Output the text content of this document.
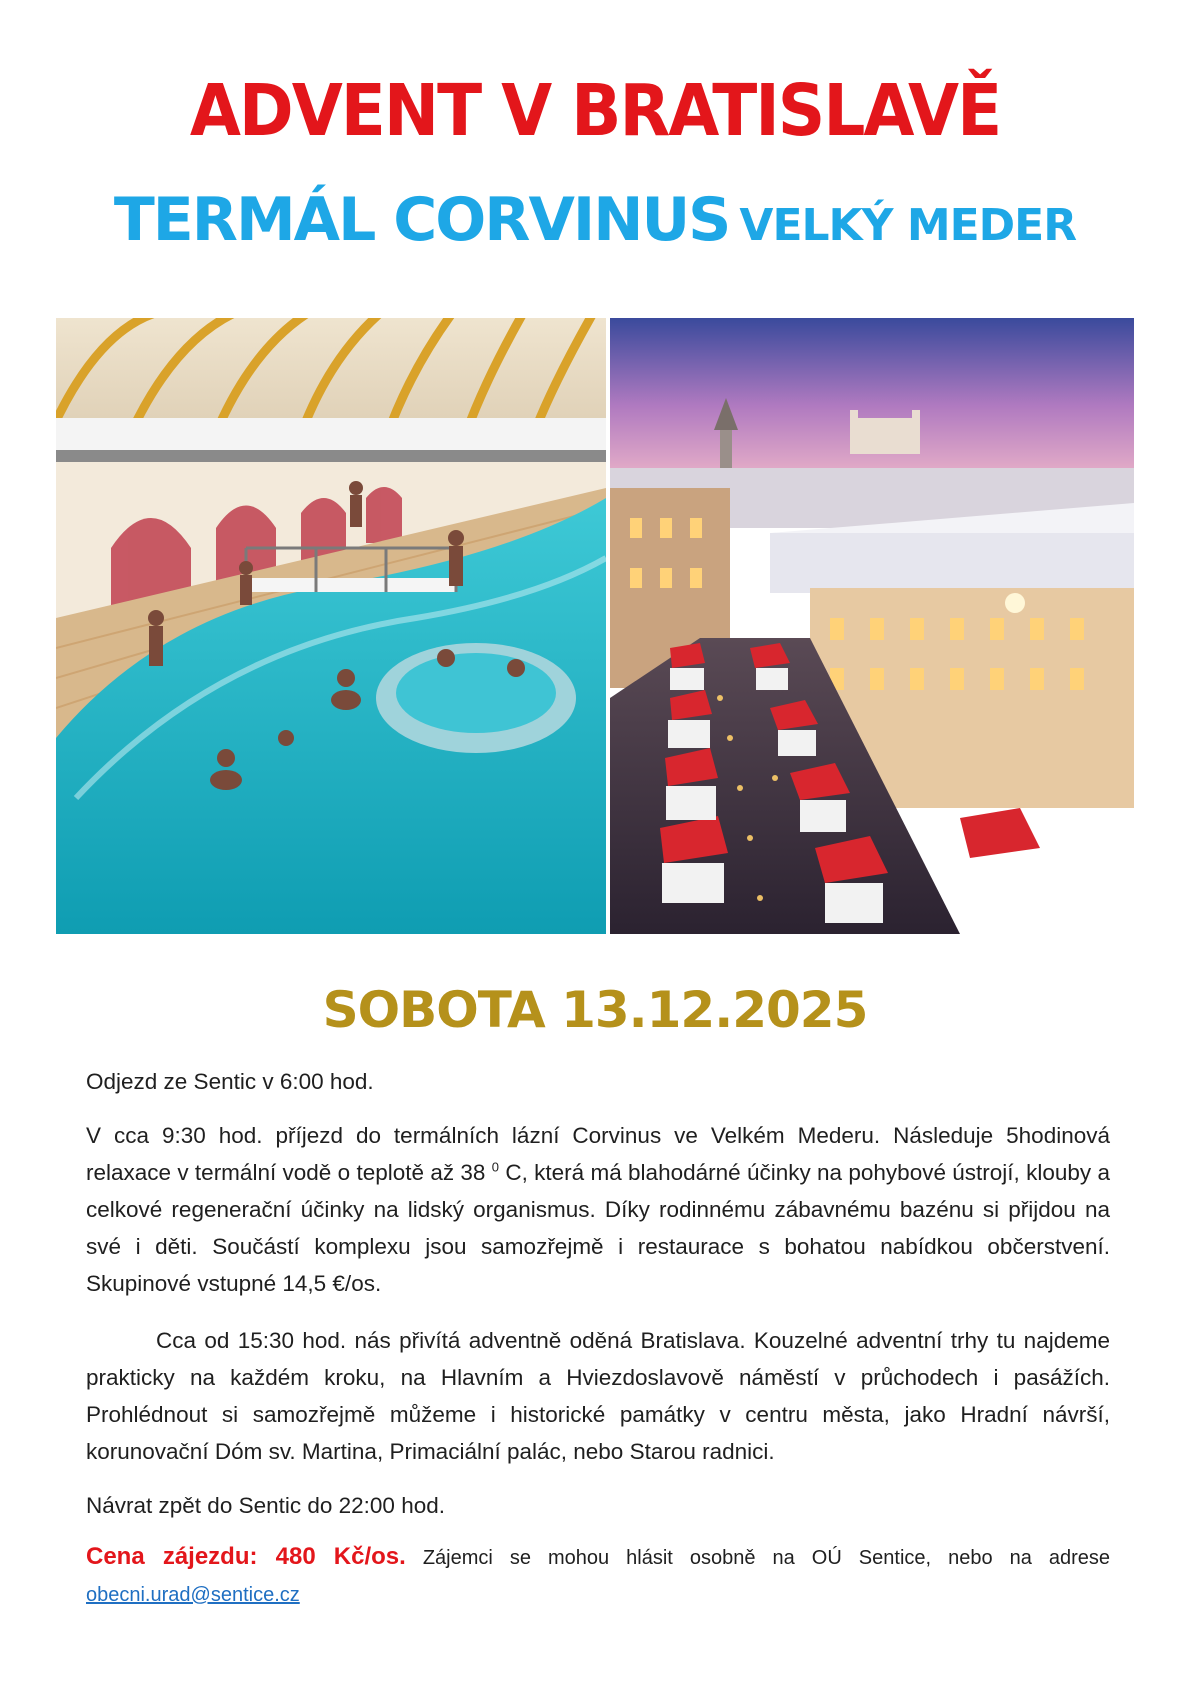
ADVENT V BRATISLAVĚ
TERMÁL CORVINUS VELKÝ MEDER
SOBOTA 13.12.2025

Odjezd ze Sentic v 6:00 hod.

V cca 9:30 hod. příjezd do termálních lázní Corvinus ve Velkém Mederu. Následuje 5hodinová relaxace v termální vodě o teplotě až 38 $^0$ C, která má blahodárné účinky na pohybové ústrojí, klouby a celkové regenerační účinky na lidský organismus. Díky rodinnému zábavnému bazénu si přijdou na své i děti. Součástí komplexu jsou samozřejmě i restaurace s bohatou nabídkou občerstvení. Skupinové vstupné 14,5 €/os.

Cca od 15:30 hod. nás přivítá adventně oděná Bratislava. Kouzelné adventní trhy tu najdeme prakticky na každém kroku, na Hlavním a Hviezdoslavově náměstí v průchodech i pasážích. Prohlédnout si samozřejmě můžeme i historické památky v centru města, jako Hradní návrší, korunovační Dóm sv. Martina, Primaciální palác, nebo Starou radnici.

Návrat zpět do Sentic do 22:00 hod.

Cena zájezdu: 480 Kč/os. Zájemci se mohou hlásit osobně na OÚ Sentice, nebo na adrese obecni.urad@sentice.cz
